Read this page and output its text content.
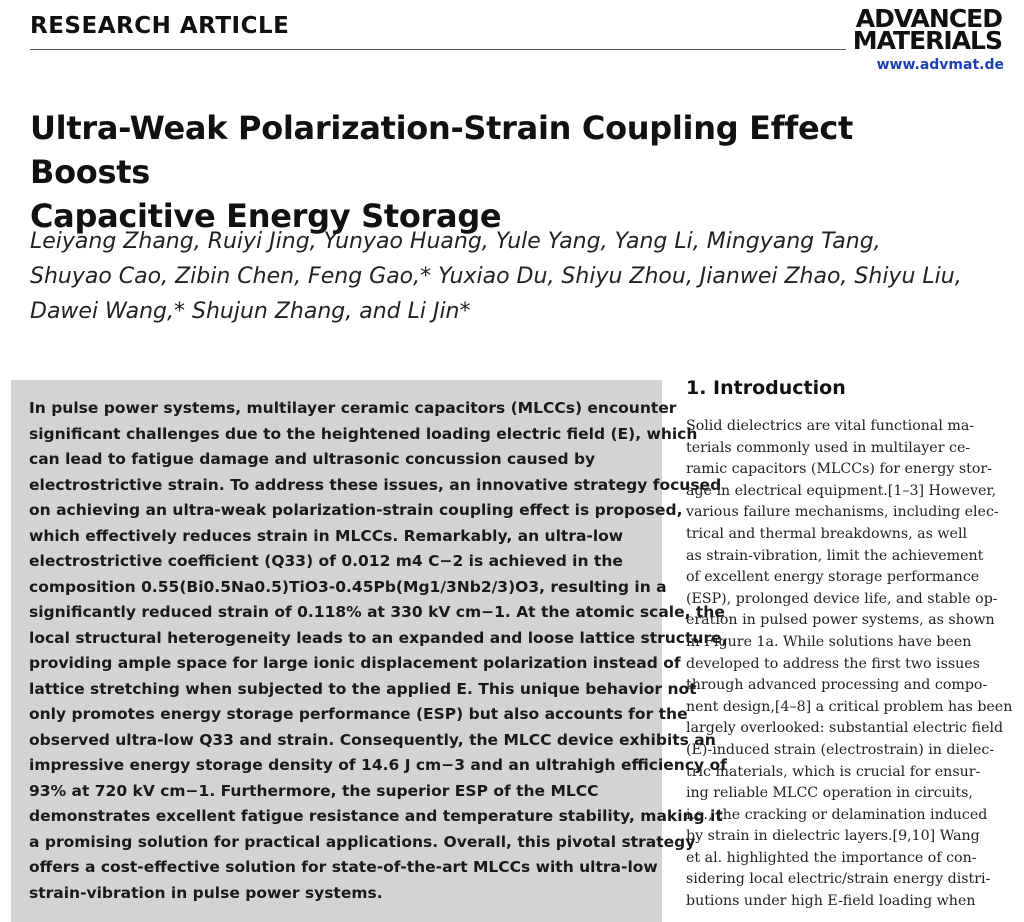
RESEARCH ARTICLE	ADVANCED
MATERIALS
www.advmat.de
Ultra-Weak Polarization-Strain Coupling Effect Boosts
Capacitive Energy Storage
Leiyang Zhang, Ruiyi Jing, Yunyao Huang, Yule Yang, Yang Li, Mingyang Tang,
Shuyao Cao, Zibin Chen, Feng Gao,* Yuxiao Du, Shiyu Zhou, Jianwei Zhao, Shiyu Liu,
Dawei Wang,* Shujun Zhang, and Li Jin*
In pulse power systems, multilayer ceramic capacitors (MLCCs) encounter
significant challenges due to the heightened loading electric field (E), which
can lead to fatigue damage and ultrasonic concussion caused by
electrostrictive strain. To address these issues, an innovative strategy focused
on achieving an ultra-weak polarization-strain coupling effect is proposed,
which effectively reduces strain in MLCCs. Remarkably, an ultra-low
electrostrictive coefficient (Q33) of 0.012 m4 C−2 is achieved in the
composition 0.55(Bi0.5Na0.5)TiO3-0.45Pb(Mg1/3Nb2/3)O3, resulting in a
significantly reduced strain of 0.118% at 330 kV cm−1. At the atomic scale, the
local structural heterogeneity leads to an expanded and loose lattice structure,
providing ample space for large ionic displacement polarization instead of
lattice stretching when subjected to the applied E. This unique behavior not
only promotes energy storage performance (ESP) but also accounts for the
observed ultra-low Q33 and strain. Consequently, the MLCC device exhibits an
impressive energy storage density of 14.6 J cm−3 and an ultrahigh efficiency of
93% at 720 kV cm−1. Furthermore, the superior ESP of the MLCC
demonstrates excellent fatigue resistance and temperature stability, making it
a promising solution for practical applications. Overall, this pivotal strategy
offers a cost-effective solution for state-of-the-art MLCCs with ultra-low
strain-vibration in pulse power systems.
1. Introduction
Solid dielectrics are vital functional ma-
terials commonly used in multilayer ce-
ramic capacitors (MLCCs) for energy stor-
age in electrical equipment.[1–3] However,
various failure mechanisms, including elec-
trical and thermal breakdowns, as well
as strain-vibration, limit the achievement
of excellent energy storage performance
(ESP), prolonged device life, and stable op-
eration in pulsed power systems, as shown
in Figure 1a. While solutions have been
developed to address the first two issues
through advanced processing and compo-
nent design,[4–8] a critical problem has been
largely overlooked: substantial electric field
(E)-induced strain (electrostrain) in dielec-
tric materials, which is crucial for ensur-
ing reliable MLCC operation in circuits,
i.e., the cracking or delamination induced
by strain in dielectric layers.[9,10] Wang
et al. highlighted the importance of con-
sidering local electric/strain energy distri-
butions under high E-field loading when
